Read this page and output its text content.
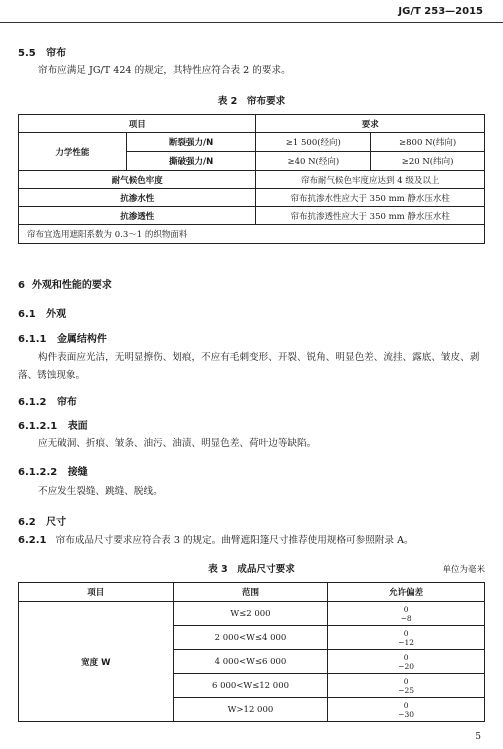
JG/T 253—2015
5.5 帘布
帘布应满足 JG/T 424 的规定，其特性应符合表 2 的要求。
表 2　帘布要求
项目		要求	
力学性能	断裂强力/N	≥1 500(经向)	≥800 N(纬向)
	撕破强力/N	≥40 N(经向)	≥20 N(纬向)
耐气候色牢度		帘布耐气候色牢度应达到 4 级及以上	
抗渗水性		帘布抗渗水性应大于 350 mm 静水压水柱	
抗渗透性		帘布抗渗透性应大于 350 mm 静水压水柱	
帘布宜选用遮阳系数为 0.3～1 的织物面料			
6 外观和性能的要求
6.1 外观
6.1.1 金属结构件
构件表面应光洁，无明显擦伤、划痕，不应有毛刺变形、开裂、锐角、明显色差、流挂、露底、皱皮、剥
落、锈蚀现象。
6.1.2 帘布
6.1.2.1 表面
应无破洞、折痕、皱条、油污、油渍、明显色差、荷叶边等缺陷。
6.1.2.2 接缝
不应发生裂缝、跳缝、脱线。
6.2 尺寸
6.2.1 帘布成品尺寸要求应符合表 3 的规定。曲臂遮阳篷尺寸推荐使用规格可参照附录 A。
表 3　成品尺寸要求	单位为毫米
项目	范围	允许偏差
宽度 W	W≤2 000	0
−8

	2 000<W≤4 000	0
−12

	4 000<W≤6 000	0
−20

	6 000<W≤12 000	0
−25

	W>12 000	0
−30
5
